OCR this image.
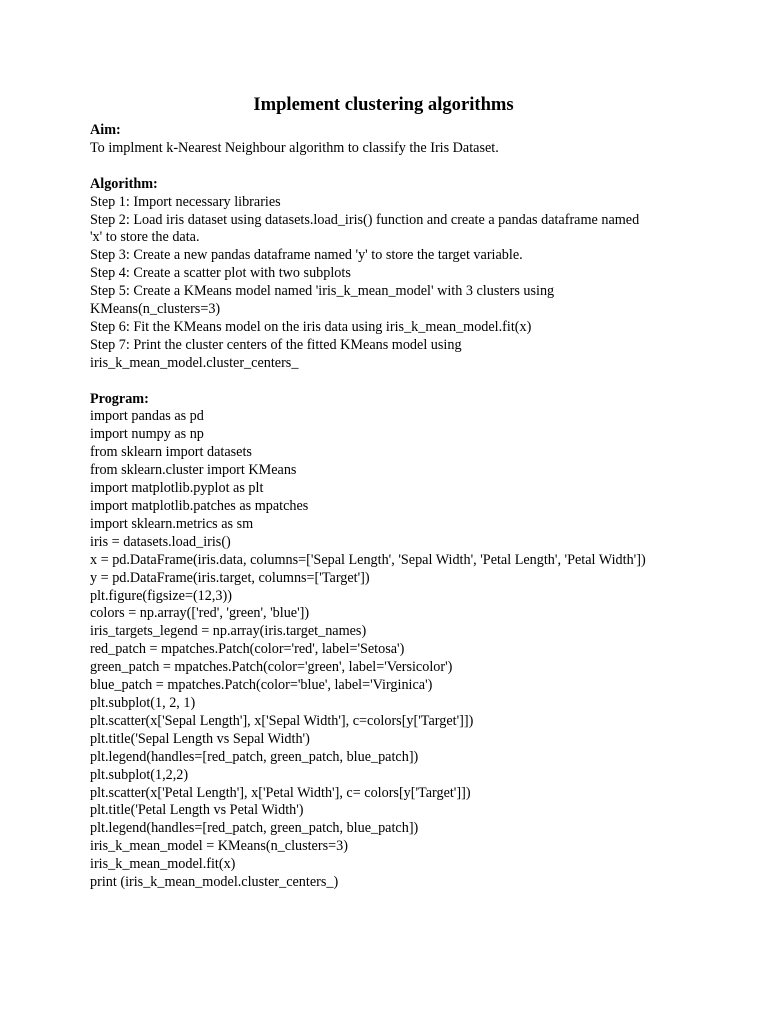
Implement clustering algorithms
Aim:
To implment k-Nearest Neighbour algorithm to classify the Iris Dataset.
Algorithm:
Step 1: Import necessary libraries
Step 2: Load iris dataset using datasets.load_iris() function and create a pandas dataframe named 'x' to store the data.
Step 3: Create a new pandas dataframe named 'y' to store the target variable.
Step 4: Create a scatter plot with two subplots
Step 5: Create a KMeans model named 'iris_k_mean_model' with 3 clusters using KMeans(n_clusters=3)
Step 6: Fit the KMeans model on the iris data using iris_k_mean_model.fit(x)
Step 7: Print the cluster centers of the fitted KMeans model using iris_k_mean_model.cluster_centers_
Program:
import pandas as pd
import numpy as np
from sklearn import datasets
from sklearn.cluster import KMeans
import matplotlib.pyplot as plt
import matplotlib.patches as mpatches
import sklearn.metrics as sm
iris = datasets.load_iris()
x = pd.DataFrame(iris.data, columns=['Sepal Length', 'Sepal Width', 'Petal Length', 'Petal Width'])
y = pd.DataFrame(iris.target, columns=['Target'])
plt.figure(figsize=(12,3))
colors = np.array(['red', 'green', 'blue'])
iris_targets_legend = np.array(iris.target_names)
red_patch = mpatches.Patch(color='red', label='Setosa')
green_patch = mpatches.Patch(color='green', label='Versicolor')
blue_patch = mpatches.Patch(color='blue', label='Virginica')
plt.subplot(1, 2, 1)
plt.scatter(x['Sepal Length'], x['Sepal Width'], c=colors[y['Target']])
plt.title('Sepal Length vs Sepal Width')
plt.legend(handles=[red_patch, green_patch, blue_patch])
plt.subplot(1,2,2)
plt.scatter(x['Petal Length'], x['Petal Width'], c= colors[y['Target']])
plt.title('Petal Length vs Petal Width')
plt.legend(handles=[red_patch, green_patch, blue_patch])
iris_k_mean_model = KMeans(n_clusters=3)
iris_k_mean_model.fit(x)
print (iris_k_mean_model.cluster_centers_)
